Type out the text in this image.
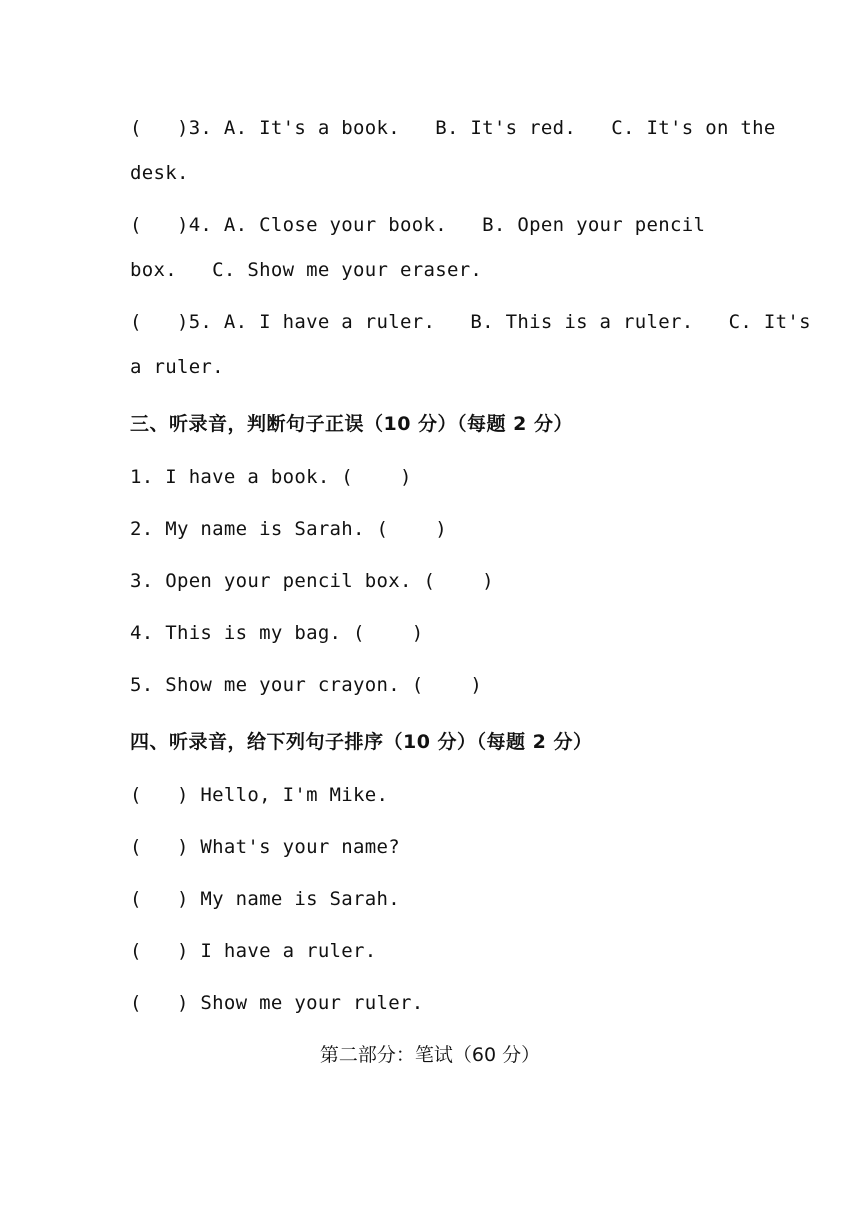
(   )3. A. It's a book.   B. It's red.   C. It's on the
desk.
(   )4. A. Close your book.   B. Open your pencil
box.   C. Show me your eraser.
(   )5. A. I have a ruler.   B. This is a ruler.   C. It's
a ruler.
三、听录音，判断句子正误（10 分）（每题 2 分）
1. I have a book. (    )
2. My name is Sarah. (    )
3. Open your pencil box. (    )
4. This is my bag. (    )
5. Show me your crayon. (    )
四、听录音，给下列句子排序（10 分）（每题 2 分）
(   ) Hello, I'm Mike.
(   ) What's your name?
(   ) My name is Sarah.
(   ) I have a ruler.
(   ) Show me your ruler.
第二部分：笔试（60 分）
